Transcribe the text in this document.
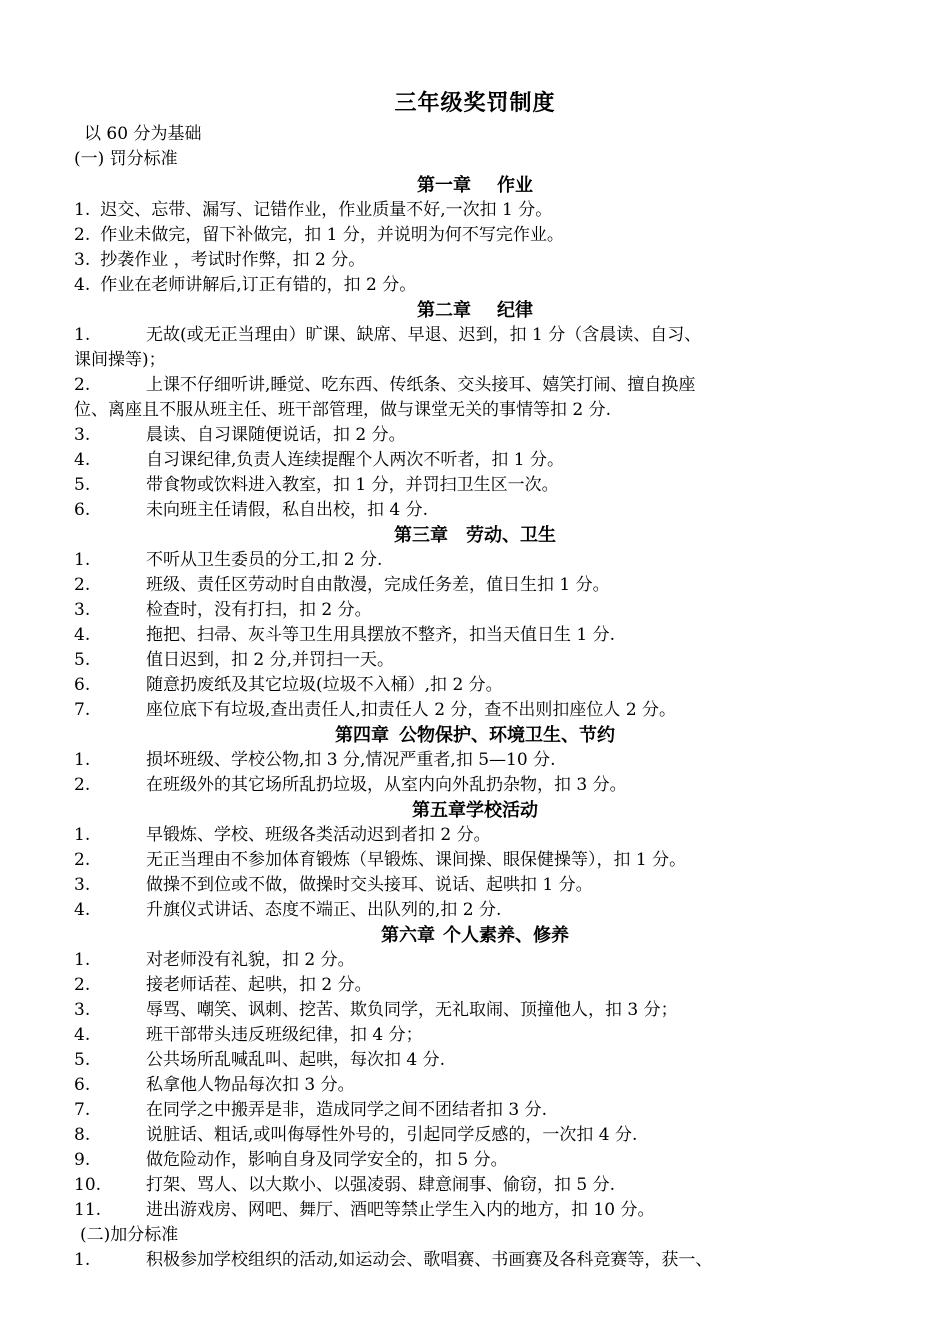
三年级奖罚制度
以 60 分为基础
(一) 罚分标准
第一章 作业
1. 迟交、忘带、漏写、记错作业，作业质量不好,一次扣 1 分。
2. 作业未做完，留下补做完，扣 1 分，并说明为何不写完作业。
3. 抄袭作业 ，考试时作弊，扣 2 分。
4. 作业在老师讲解后,订正有错的，扣 2 分。
第二章 纪律
1.	无故(或无正当理由）旷课、缺席、早退、迟到，扣 1 分（含晨读、自习、
课间操等)；
2.	上课不仔细听讲,睡觉、吃东西、传纸条、交头接耳、嬉笑打闹、擅自换座
位、离座且不服从班主任、班干部管理，做与课堂无关的事情等扣 2 分.
3.	晨读、自习课随便说话，扣 2 分。
4.	自习课纪律,负责人连续提醒个人两次不听者，扣 1 分。
5.	带食物或饮料进入教室，扣 1 分，并罚扫卫生区一次。
6.	未向班主任请假，私自出校，扣 4 分.
第三章 劳动、卫生
1.	不听从卫生委员的分工,扣 2 分.
2.	班级、责任区劳动时自由散漫，完成任务差，值日生扣 1 分。
3.	检查时，没有打扫，扣 2 分。
4.	拖把、扫帚、灰斗等卫生用具摆放不整齐，扣当天值日生 1 分.
5.	值日迟到，扣 2 分,并罚扫一天。
6.	随意扔废纸及其它垃圾(垃圾不入桶）,扣 2 分。
7.	座位底下有垃圾,查出责任人,扣责任人 2 分，查不出则扣座位人 2 分。
第四章 公物保护、环境卫生、节约
1.	损坏班级、学校公物,扣 3 分,情况严重者,扣 5—10 分.
2.	在班级外的其它场所乱扔垃圾，从室内向外乱扔杂物，扣 3 分。
第五章学校活动
1.	早锻炼、学校、班级各类活动迟到者扣 2 分。
2.	无正当理由不参加体育锻炼（早锻炼、课间操、眼保健操等），扣 1 分。
3.	做操不到位或不做，做操时交头接耳、说话、起哄扣 1 分。
4.	升旗仪式讲话、态度不端正、出队列的,扣 2 分.
第六章 个人素养、修养
1.	对老师没有礼貌，扣 2 分。
2.	接老师话茬、起哄，扣 2 分。
3.	辱骂、嘲笑、讽刺、挖苦、欺负同学，无礼取闹、顶撞他人，扣 3 分；
4.	班干部带头违反班级纪律，扣 4 分；
5.	公共场所乱喊乱叫、起哄，每次扣 4 分.
6.	私拿他人物品每次扣 3 分。
7.	在同学之中搬弄是非，造成同学之间不团结者扣 3 分.
8.	说脏话、粗话,或叫侮辱性外号的，引起同学反感的，一次扣 4 分.
9.	做危险动作，影响自身及同学安全的，扣 5 分。
10.	打架、骂人、以大欺小、以强凌弱、肆意闹事、偷窃，扣 5 分.
11.	进出游戏房、网吧、舞厅、酒吧等禁止学生入内的地方，扣 10 分。
(二)加分标准
1.	积极参加学校组织的活动,如运动会、歌唱赛、书画赛及各科竞赛等，获一、
